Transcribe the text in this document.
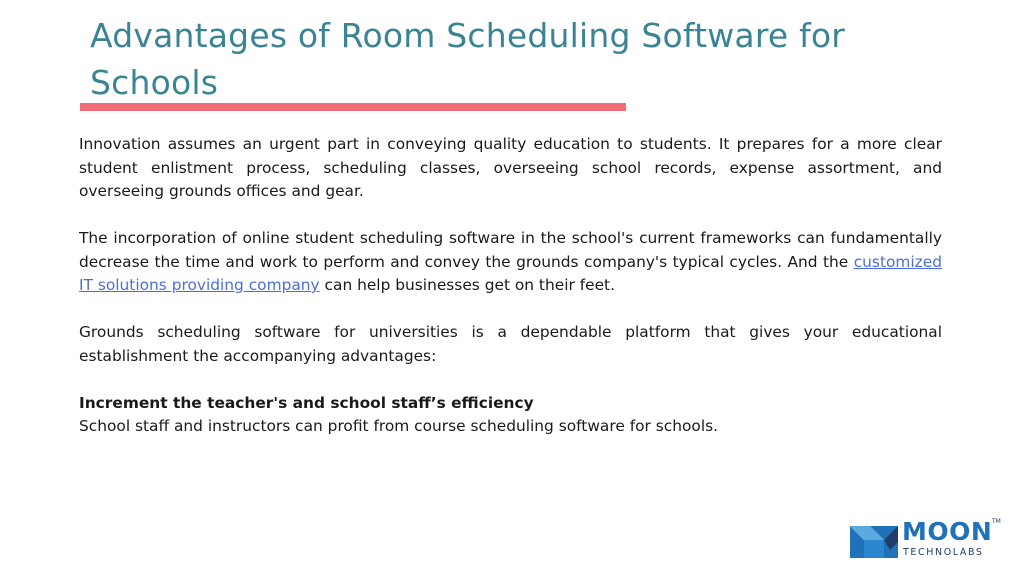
Advantages of Room Scheduling Software for Schools

Innovation assumes an urgent part in conveying quality education to students. It prepares for a more clear student enlistment process, scheduling classes, overseeing school records, expense assortment, and overseeing grounds offices and gear.

The incorporation of online student scheduling software in the school's current frameworks can fundamentally decrease the time and work to perform and convey the grounds company's typical cycles. And the customized IT solutions providing company can help businesses get on their feet.

Grounds scheduling software for universities is a dependable platform that gives your educational establishment the accompanying advantages:

Increment the teacher's and school staff’s efficiency
School staff and instructors can profit from course scheduling software for schools.
MOON TM
TECHNOLABS
